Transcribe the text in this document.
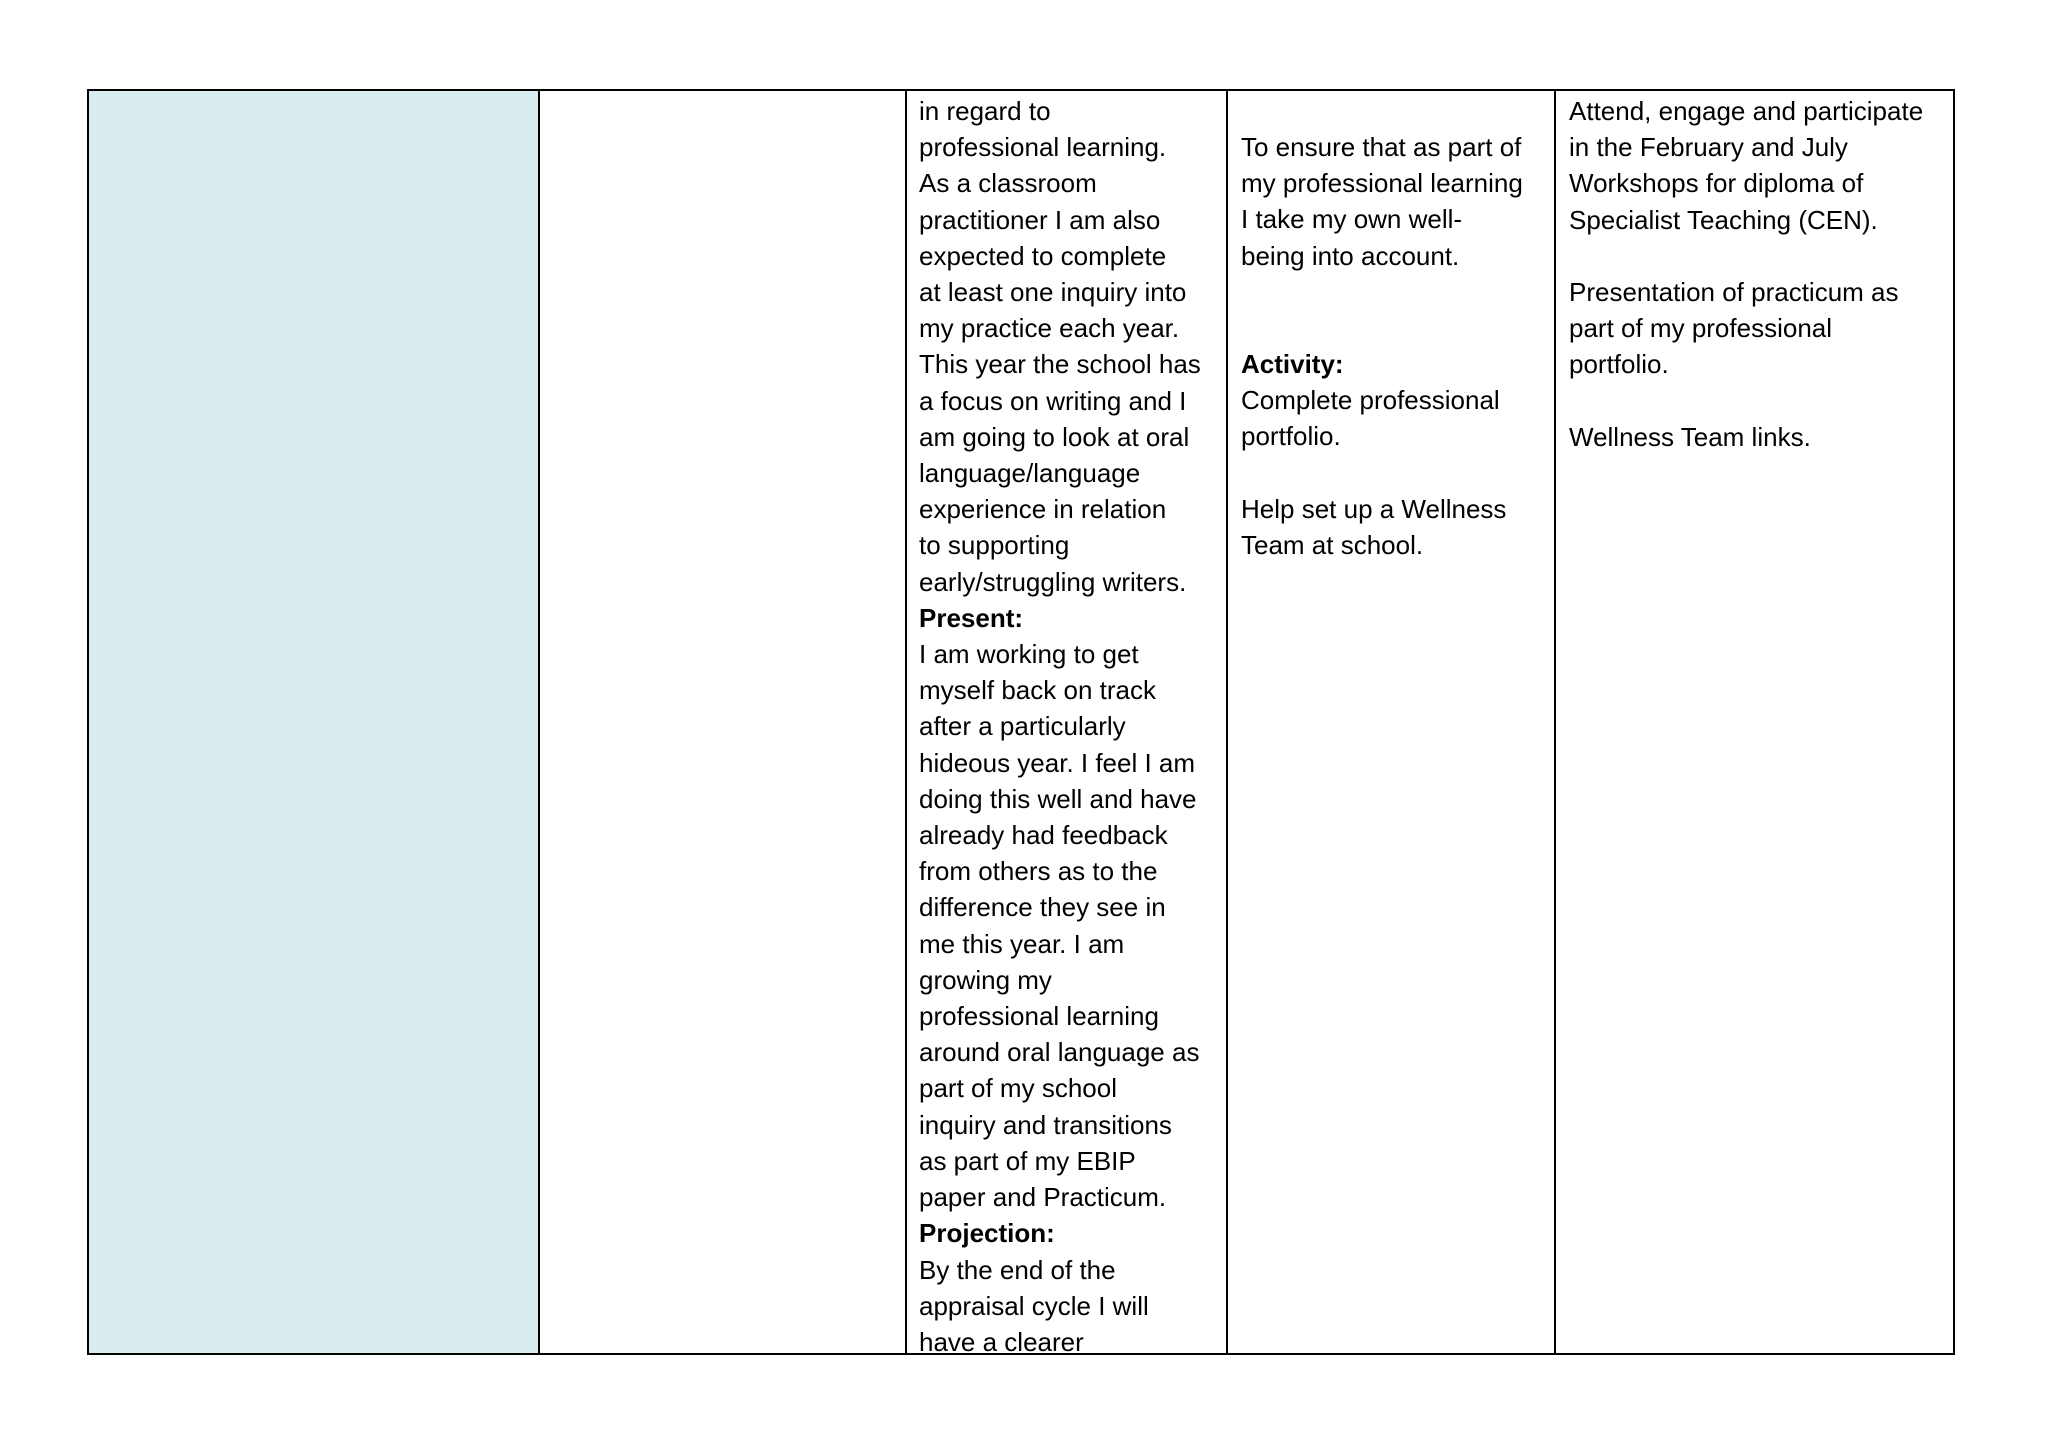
in regard to
professional learning.
As a classroom
practitioner I am also
expected to complete
at least one inquiry into
my practice each year.
This year the school has
a focus on writing and I
am going to look at oral
language/language
experience in relation
to supporting
early/struggling writers.
Present:
I am working to get
myself back on track
after a particularly
hideous year. I feel I am
doing this well and have
already had feedback
from others as to the
difference they see in
me this year. I am
growing my
professional learning
around oral language as
part of my school
inquiry and transitions
as part of my EBIP
paper and Practicum.
Projection:
By the end of the
appraisal cycle I will
have a clearer
To ensure that as part of
my professional learning
I take my own well-
being into account.
Activity:
Complete professional
portfolio.
Help set up a Wellness
Team at school.
Attend, engage and participate
in the February and July
Workshops for diploma of
Specialist Teaching (CEN).
Presentation of practicum as
part of my professional
portfolio.
Wellness Team links.
